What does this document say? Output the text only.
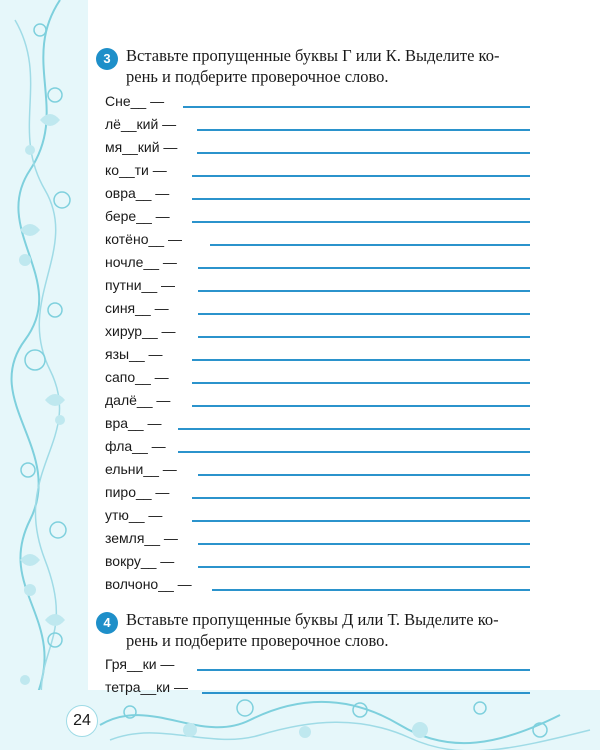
3 Вставьте пропущенные буквы Г или К. Выделите ко-
рень и подберите проверочное слово.
Сне__ —
лё__кий —
мя__кий —
ко__ти —
овра__ —
бере__ —
котёно__ —
ночле__ —
путни__ —
синя__ —
хирур__ —
язы__ —
сапо__ —
далё__ —
вра__ —
фла__ —
ельни__ —
пиро__ —
утю__ —
земля__ —
вокру__ —
волчоно__ —
4 Вставьте пропущенные буквы Д или Т. Выделите ко-
рень и подберите проверочное слово.
Гря__ки —
тетра__ки —
24
